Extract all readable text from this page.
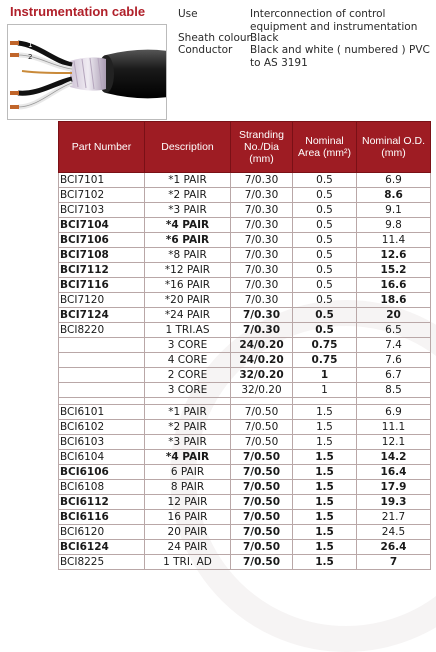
Instrumentation cable
1
2
Use	Interconnection of control equipment and instrumentation
Sheath colour Black
Conductor Black and white ( numbered ) PVC to AS 3191
Part Number	Description	Stranding No./Dia (mm)	Nominal Area (mm²)	Nominal O.D. (mm)
BCI7101	*1 PAIR	7/0.30	0.5	6.9
BCI7102	*2 PAIR	7/0.30	0.5	8.6
BCI7103	*3 PAIR	7/0.30	0.5	9.1
BCI7104	*4 PAIR	7/0.30	0.5	9.8
BCI7106	*6 PAIR	7/0.30	0.5	11.4
BCI7108	*8 PAIR	7/0.30	0.5	12.6
BCI7112	*12 PAIR	7/0.30	0.5	15.2
BCI7116	*16 PAIR	7/0.30	0.5	16.6
BCI7120	*20 PAIR	7/0.30	0.5	18.6
BCI7124	*24 PAIR	7/0.30	0.5	20
BCI8220	1 TRI.AS	7/0.30	0.5	6.5
	3 CORE	24/0.20	0.75	7.4
	4 CORE	24/0.20	0.75	7.6
	2 CORE	32/0.20	1	6.7
	3 CORE	32/0.20	1	8.5

BCI6101	*1 PAIR	7/0.50	1.5	6.9
BCI6102	*2 PAIR	7/0.50	1.5	11.1
BCI6103	*3 PAIR	7/0.50	1.5	12.1
BCI6104	*4 PAIR	7/0.50	1.5	14.2
BCI6106	6 PAIR	7/0.50	1.5	16.4
BCI6108	8 PAIR	7/0.50	1.5	17.9
BCI6112	12 PAIR	7/0.50	1.5	19.3
BCI6116	16 PAIR	7/0.50	1.5	21.7
BCI6120	20 PAIR	7/0.50	1.5	24.5
BCI6124	24 PAIR	7/0.50	1.5	26.4
BCI8225	1 TRI. AD	7/0.50	1.5	7
